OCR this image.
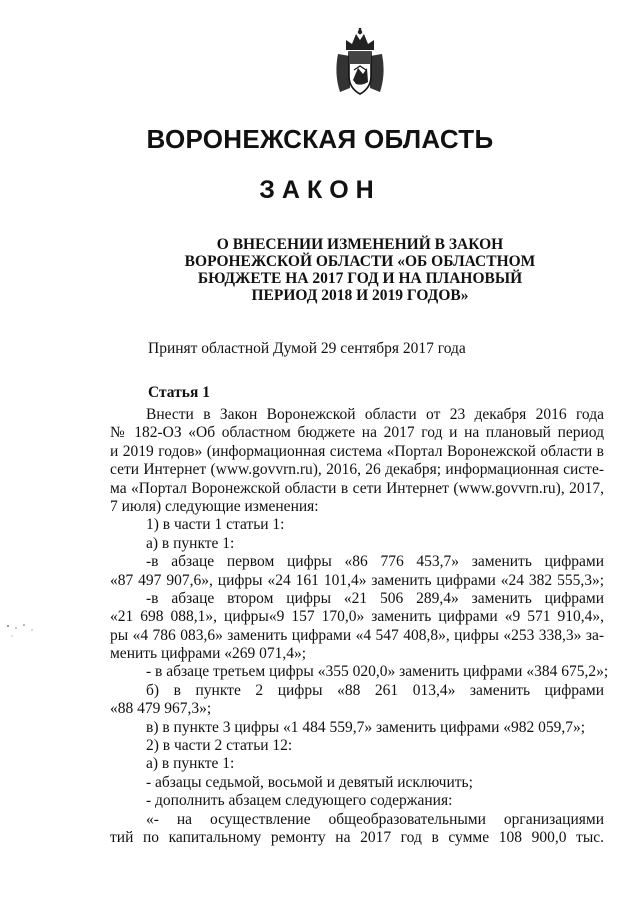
ВОРОНЕЖСКАЯ ОБЛАСТЬ
ЗАКОН
О ВНЕСЕНИИ ИЗМЕНЕНИЙ В ЗАКОН
ВОРОНЕЖСКОЙ ОБЛАСТИ «ОБ ОБЛАСТНОМ
БЮДЖЕТЕ НА 2017 ГОД И НА ПЛАНОВЫЙ
ПЕРИОД 2018 И 2019 ГОДОВ»
Принят областной Думой 29 сентября 2017 года
Статья 1
Внести в Закон Воронежской области от 23 декабря 2016 года
№ 182-ОЗ «Об областном бюджете на 2017 год и на плановый период
и 2019 годов» (информационная система «Портал Воронежской области в
сети Интернет (www.govvrn.ru), 2016, 26 декабря; информационная систе-
ма «Портал Воронежской области в сети Интернет (www.govvrn.ru), 2017,
7 июля) следующие изменения:
1) в части 1 статьи 1:
а) в пункте 1:
-в абзаце первом цифры «86 776 453,7» заменить цифрами
«87 497 907,6», цифры «24 161 101,4» заменить цифрами «24 382 555,3»;
-в абзаце втором цифры «21 506 289,4» заменить цифрами
«21 698 088,1», цифры«9 157 170,0» заменить цифрами «9 571 910,4»,
ры «4 786 083,6» заменить цифрами «4 547 408,8», цифры «253 338,3» за-
менить цифрами «269 071,4»;
- в абзаце третьем цифры «355 020,0» заменить цифрами «384 675,2»;
б) в пункте 2 цифры «88 261 013,4» заменить цифрами
«88 479 967,3»;
в) в пункте 3 цифры «1 484 559,7» заменить цифрами «982 059,7»;
2) в части 2 статьи 12:
а) в пункте 1:
- абзацы седьмой, восьмой и девятый исключить;
- дополнить абзацем следующего содержания:
«- на осуществление общеобразовательными организациями
тий по капитальному ремонту на 2017 год в сумме 108 900,0 тыс.
